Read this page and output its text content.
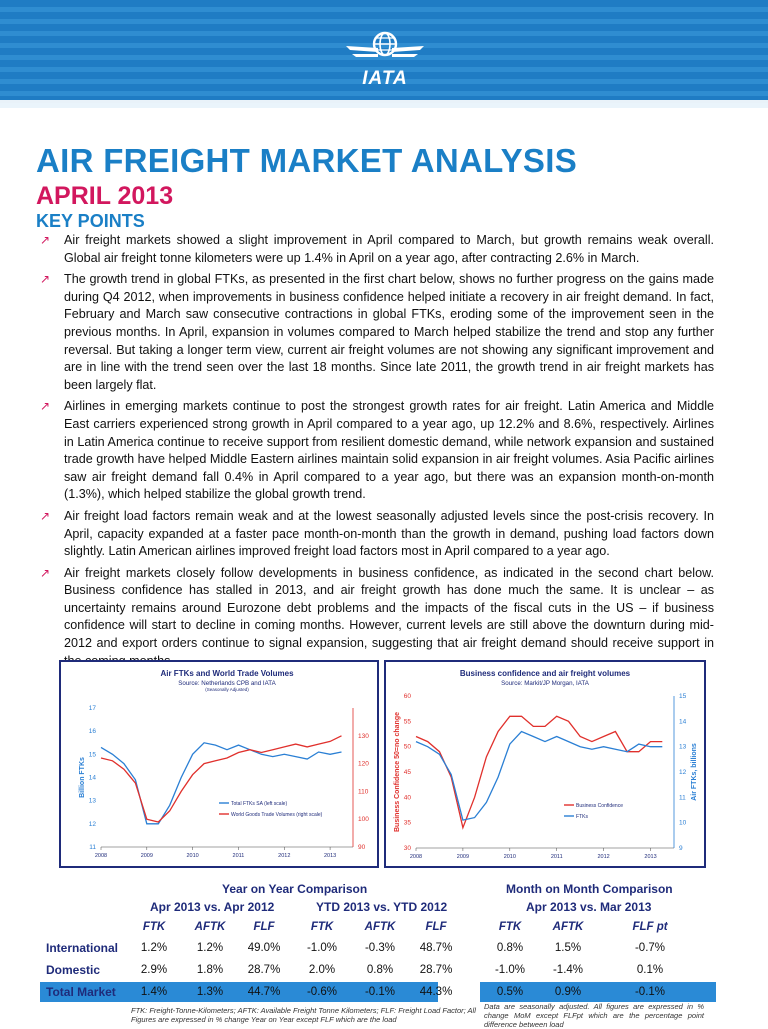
IATA
AIR FREIGHT MARKET ANALYSIS
APRIL 2013
KEY POINTS
↗ Air freight markets showed a slight improvement in April compared to March, but growth remains weak overall. Global air freight tonne kilometers were up 1.4% in April on a year ago, after contracting 2.6% in March.
↗ The growth trend in global FTKs, as presented in the first chart below, shows no further progress on the gains made during Q4 2012, when improvements in business confidence helped initiate a recovery in air freight demand. In fact, February and March saw consecutive contractions in global FTKs, eroding some of the improvement seen in the previous months. In April, expansion in volumes compared to March helped stabilize the trend and stop any further reversal. But taking a longer term view, current air freight volumes are not showing any significant improvement and are in line with the trend seen over the last 18 months. Since late 2011, the growth trend in air freight markets has been largely flat.
↗ Airlines in emerging markets continue to post the strongest growth rates for air freight. Latin America and Middle East carriers experienced strong growth in April compared to a year ago, up 12.2% and 8.6%, respectively. Airlines in Latin America continue to receive support from resilient domestic demand, while network expansion and sustained trade growth have helped Middle Eastern airlines maintain solid expansion in air freight volumes. Asia Pacific airlines saw air freight demand fall 0.4% in April compared to a year ago, but there was an expansion month-on-month (1.3%), which helped stabilize the global growth trend.
↗ Air freight load factors remain weak and at the lowest seasonally adjusted levels since the post-crisis recovery. In April, capacity expanded at a faster pace month-on-month than the growth in demand, pushing load factors down slightly. Latin American airlines improved freight load factors most in April compared to a year ago.
↗ Air freight markets closely follow developments in business confidence, as indicated in the second chart below. Business confidence has stalled in 2013, and air freight growth has done much the same. It is unclear – as uncertainty remains around Eurozone debt problems and the impacts of the fiscal cuts in the US – if business confidence will start to decline in coming months. However, current levels are still above the downturn during mid-2012 and export orders continue to signal expansion, suggesting that air freight demand should receive support in
Air FTKs and World Trade Volumes
Source: Netherlands CPB and IATA
(Seasonally Adjusted)
11
12
13
14
15
16
17
90
100
110
120
130
2008	2009	2010	2011	2012	2013
Billion FTKs
Total FTKs SA (left scale)
World Goods Trade Volumes (right scale)
Business confidence and air freight volumes
Source: Markit/JP Morgan, IATA
30
35
40
45
50
55
60
9
10
11
12
13
14
15
2008	2009	2010	2011	2012	2013
Business Confidence 50=no change	Air FTKs, billions
Business Confidence
FTKs
Year on Year Comparison	Month on Month Comparison
Apr 2013 vs. Apr 2012	YTD 2013 vs. YTD 2012	Apr 2013 vs. Mar 2013
FTK	AFTK	FLF	FTK	AFTK	FLF	FTK	AFTK	FLF pt
International	1.2%	1.2%	49.0%	-1.0%	-0.3%	48.7%	0.8%	1.5%	-0.7%
Domestic	2.9%	1.8%	28.7%	2.0%	0.8%	28.7%	-1.0%	-1.4%	0.1%
Total Market	1.4%	1.3%	44.7%	-0.6%	-0.1%	44.3%	0.5%	0.9%	-0.1%
FTK: Freight-Tonne-Kilometers; AFTK: Available Freight Tonne Kilometers; FLF: Freight Load Factor; All Figures are expressed in % change Year on Year except FLF which are the load
Data are seasonally adjusted. All figures are expressed in % change MoM except FLFpt which are the percentage point difference between load
